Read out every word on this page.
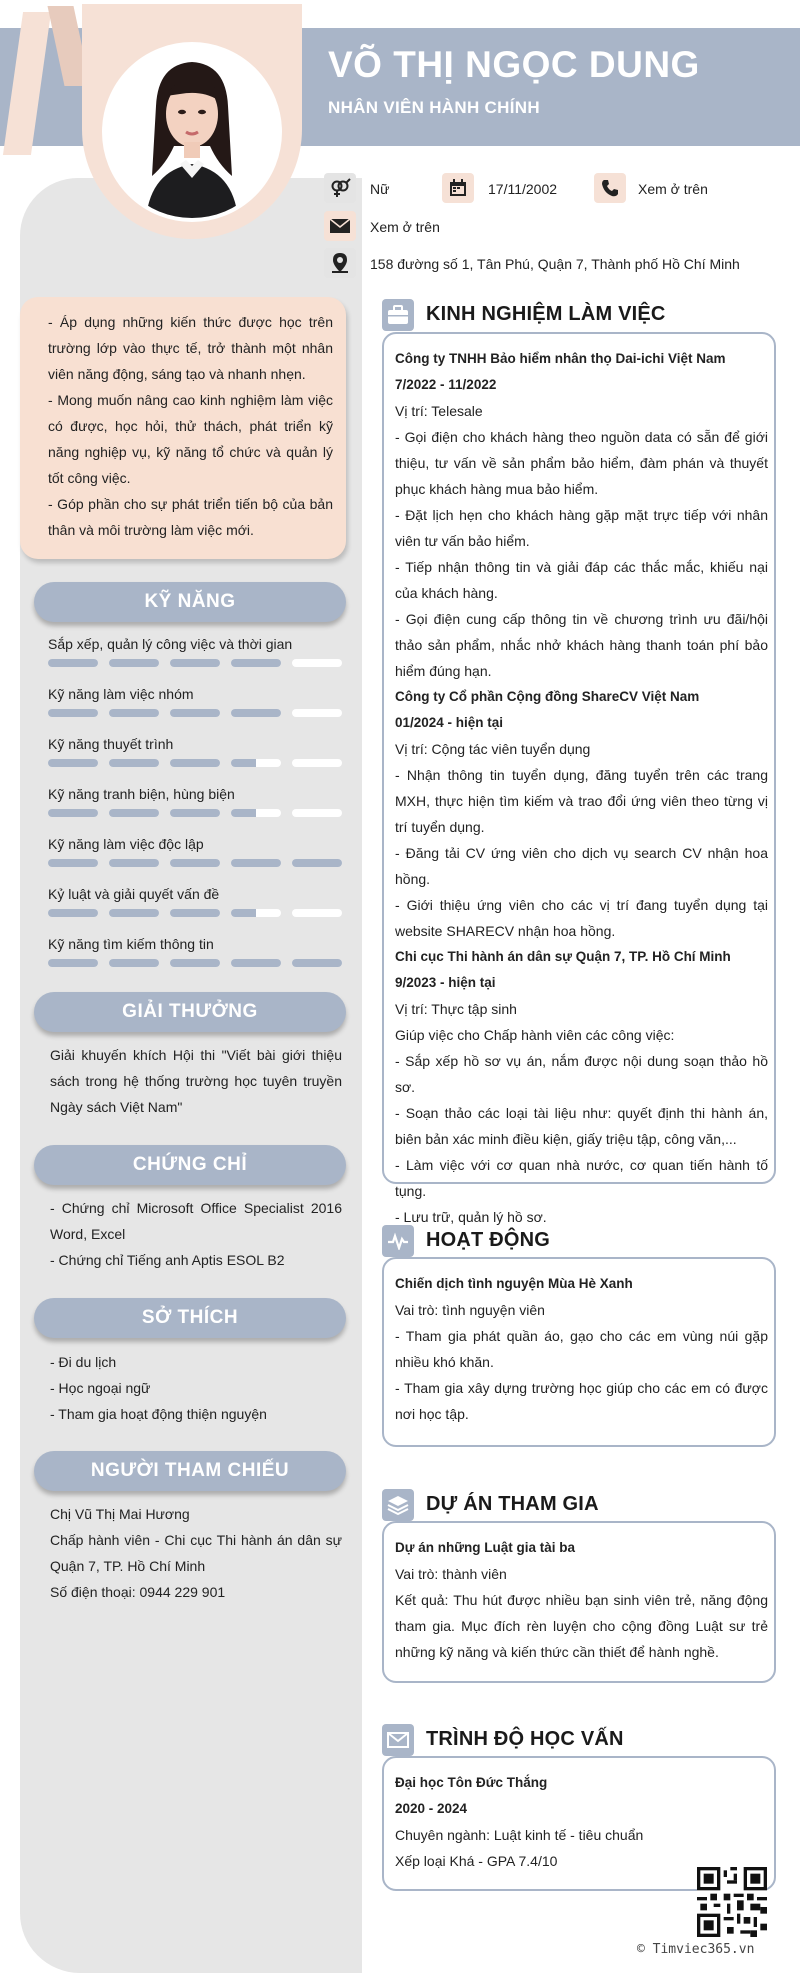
VÕ THỊ NGỌC DUNG
NHÂN VIÊN HÀNH CHÍNH
Nữ	17/11/2002	Xem ở trên
Xem ở trên
158 đường số 1, Tân Phú, Quận 7, Thành phố Hồ Chí Minh

- Áp dụng những kiến thức được học trên trường lớp vào thực tế, trở thành một nhân viên năng động, sáng tạo và nhanh nhẹn.

- Mong muốn nâng cao kinh nghiệm làm việc có được, học hỏi, thử thách, phát triển kỹ năng nghiệp vụ, kỹ năng tổ chức và quản lý tốt công việc.

- Góp phần cho sự phát triển tiến bộ của bản thân và môi trường làm việc mới.

KỸ NĂNG
Sắp xếp, quản lý công việc và thời gian
Kỹ năng làm việc nhóm
Kỹ năng thuyết trình
Kỹ năng tranh biện, hùng biện
Kỹ năng làm việc độc lập
Kỷ luật và giải quyết vấn đề
Kỹ năng tìm kiếm thông tin
GIẢI THƯỞNG
Giải khuyến khích Hội thi "Viết bài giới thiệu sách trong hệ thống trường học tuyên truyền Ngày sách Việt Nam"
CHỨNG CHỈ
- Chứng chỉ Microsoft Office Specialist 2016 Word, Excel
- Chứng chỉ Tiếng anh Aptis ESOL B2
SỞ THÍCH
- Đi du lịch
- Học ngoại ngữ
- Tham gia hoạt động thiện nguyện
NGƯỜI THAM CHIẾU
Chị Vũ Thị Mai Hương
Chấp hành viên - Chi cục Thi hành án dân sự Quận 7, TP. Hồ Chí Minh
Số điện thoại: 0944 229 901
KINH NGHIỆM LÀM VIỆC
Công ty TNHH Bảo hiểm nhân thọ Dai-ichi Việt Nam
7/2022 - 11/2022
Vị trí: Telesale
- Gọi điện cho khách hàng theo nguồn data có sẵn để giới thiệu, tư vấn về sản phẩm bảo hiểm, đàm phán và thuyết phục khách hàng mua bảo hiểm.
- Đặt lịch hẹn cho khách hàng gặp mặt trực tiếp với nhân viên tư vấn bảo hiểm.
- Tiếp nhận thông tin và giải đáp các thắc mắc, khiếu nại của khách hàng.
- Gọi điện cung cấp thông tin về chương trình ưu đãi/hội thảo sản phẩm, nhắc nhở khách hàng thanh toán phí bảo hiểm đúng hạn.
Công ty Cổ phần Cộng đồng ShareCV Việt Nam
01/2024 - hiện tại
Vị trí: Cộng tác viên tuyển dụng
- Nhận thông tin tuyển dụng, đăng tuyển trên các trang MXH, thực hiện tìm kiếm và trao đổi ứng viên theo từng vị trí tuyển dụng.
- Đăng tải CV ứng viên cho dịch vụ search CV nhận hoa hồng.
- Giới thiệu ứng viên cho các vị trí đang tuyển dụng tại website SHARECV nhận hoa hồng.
Chi cục Thi hành án dân sự Quận 7, TP. Hồ Chí Minh
9/2023 - hiện tại
Vị trí: Thực tập sinh
Giúp việc cho Chấp hành viên các công việc:
- Sắp xếp hồ sơ vụ án, nắm được nội dung soạn thảo hồ sơ.
- Soạn thảo các loại tài liệu như: quyết định thi hành án, biên bản xác minh điều kiện, giấy triệu tập, công văn,...
- Làm việc với cơ quan nhà nước, cơ quan tiến hành tố tụng.
- Lưu trữ, quản lý hồ sơ.
HOẠT ĐỘNG
Chiến dịch tình nguyện Mùa Hè Xanh
Vai trò: tình nguyện viên
- Tham gia phát quần áo, gạo cho các em vùng núi gặp nhiều khó khăn.
- Tham gia xây dựng trường học giúp cho các em có được nơi học tập.
DỰ ÁN THAM GIA
Dự án những Luật gia tài ba
Vai trò: thành viên
Kết quả: Thu hút được nhiều bạn sinh viên trẻ, năng động tham gia. Mục đích rèn luyện cho cộng đồng Luật sư trẻ những kỹ năng và kiến thức cần thiết để hành nghề.
TRÌNH ĐỘ HỌC VẤN
Đại học Tôn Đức Thắng
2020 - 2024
Chuyên ngành: Luật kinh tế - tiêu chuẩn
Xếp loại Khá - GPA 7.4/10
© Timviec365.vn
